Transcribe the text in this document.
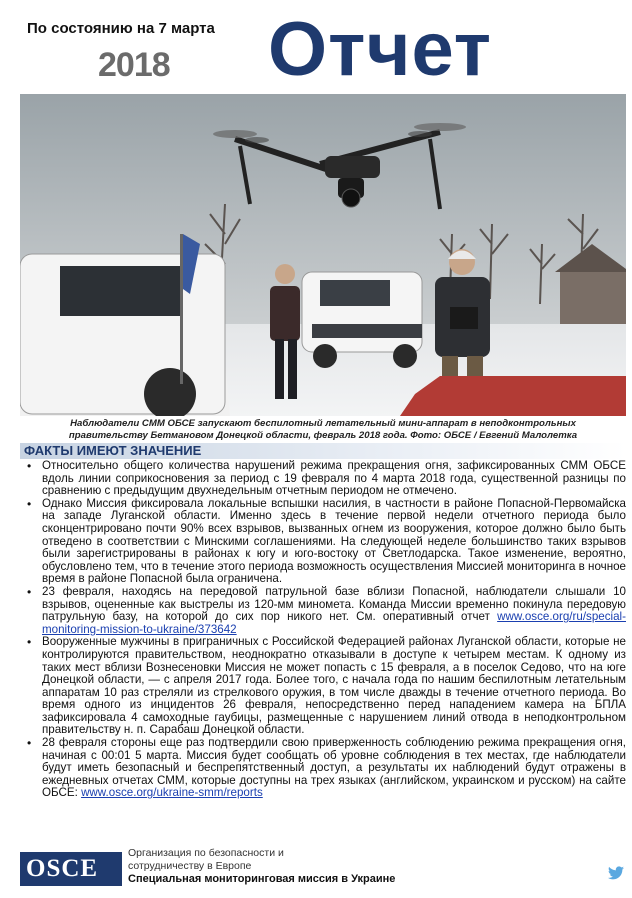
По состоянию на 7 марта
2018 Отчет
Наблюдатели СММ ОБСЕ запускают беспилотный летательный мини-аппарат в неподконтрольных
правительству Бетмановом Донецкой области, февраль 2018 года. Фото: ОБСЕ / Евгений Малолетка
ФАКТЫ ИМЕЮТ ЗНАЧЕНИЕ
• Относительно общего количества нарушений режима прекращения огня, зафиксированных СММ ОБСЕ вдоль линии соприкосновения за период с 19 февраля по 4 марта 2018 года, существенной разницы по сравнению с предыдущим двухнедельным отчетным периодом не отмечено.
• Однако Миссия фиксировала локальные вспышки насилия, в частности в районе Попасной-Первомайска на западе Луганской области. Именно здесь в течение первой недели отчетного периода было сконцентрировано почти 90% всех взрывов, вызванных огнем из вооружения, которое должно было быть отведено в соответствии с Минскими соглашениями. На следующей неделе большинство таких взрывов были зарегистрированы в районах к югу и юго-востоку от Светлодарска. Такое изменение, вероятно, обусловлено тем, что в течение этого периода возможность осуществления Миссией мониторинга в ночное время в районе Попасной была ограничена.
• 23 февраля, находясь на передовой патрульной базе вблизи Попасной, наблюдатели слышали 10 взрывов, оцененные как выстрелы из 120-мм минометa. Команда Миссии временно покинула передовую патрульную базу, на которой до сих пор никого нет. См. оперативный отчет www.osce.org/ru/special-monitoring-mission-to-ukraine/373642
• Вооруженные мужчины в приграничных с Российской Федерацией районах Луганской области, которые не контролируются правительством, неоднократно отказывали в доступе к четырем местам. К одному из таких мест вблизи Вознесеновки Миссия не может попасть с 15 февраля, а в поселок Седово, что на юге Донецкой области, — с апреля 2017 года. Более того, с начала года по нашим беспилотным летательным аппаратам 10 раз стреляли из стрелкового оружия, в том числе дважды в течение отчетного периода. Во время одного из инцидентов 26 февраля, непосредственно перед нападением камера на БПЛА зафиксировала 4 самоходные гаубицы, размещенные с нарушением линий отвода в неподконтрольном правительству н. п. Сарабаш Донецкой области.
• 28 февраля стороны еще раз подтвердили свою приверженность соблюдению режима прекращения огня, начиная с 00:01 5 марта. Миссия будет сообщать об уровне соблюдения в тех местах, где наблюдатели будут иметь безопасный и беспрепятственный доступ, а результаты их наблюдений будут отражены в ежедневных отчетах СММ, которые доступны на трех языках (английском, украинском и русском) на сайте ОБСЕ: www.osce.org/ukraine-smm/reports
OSCE
Организация по безопасности и
сотрудничеству в Европе
Специальная мониторинговая миссия в Украине
